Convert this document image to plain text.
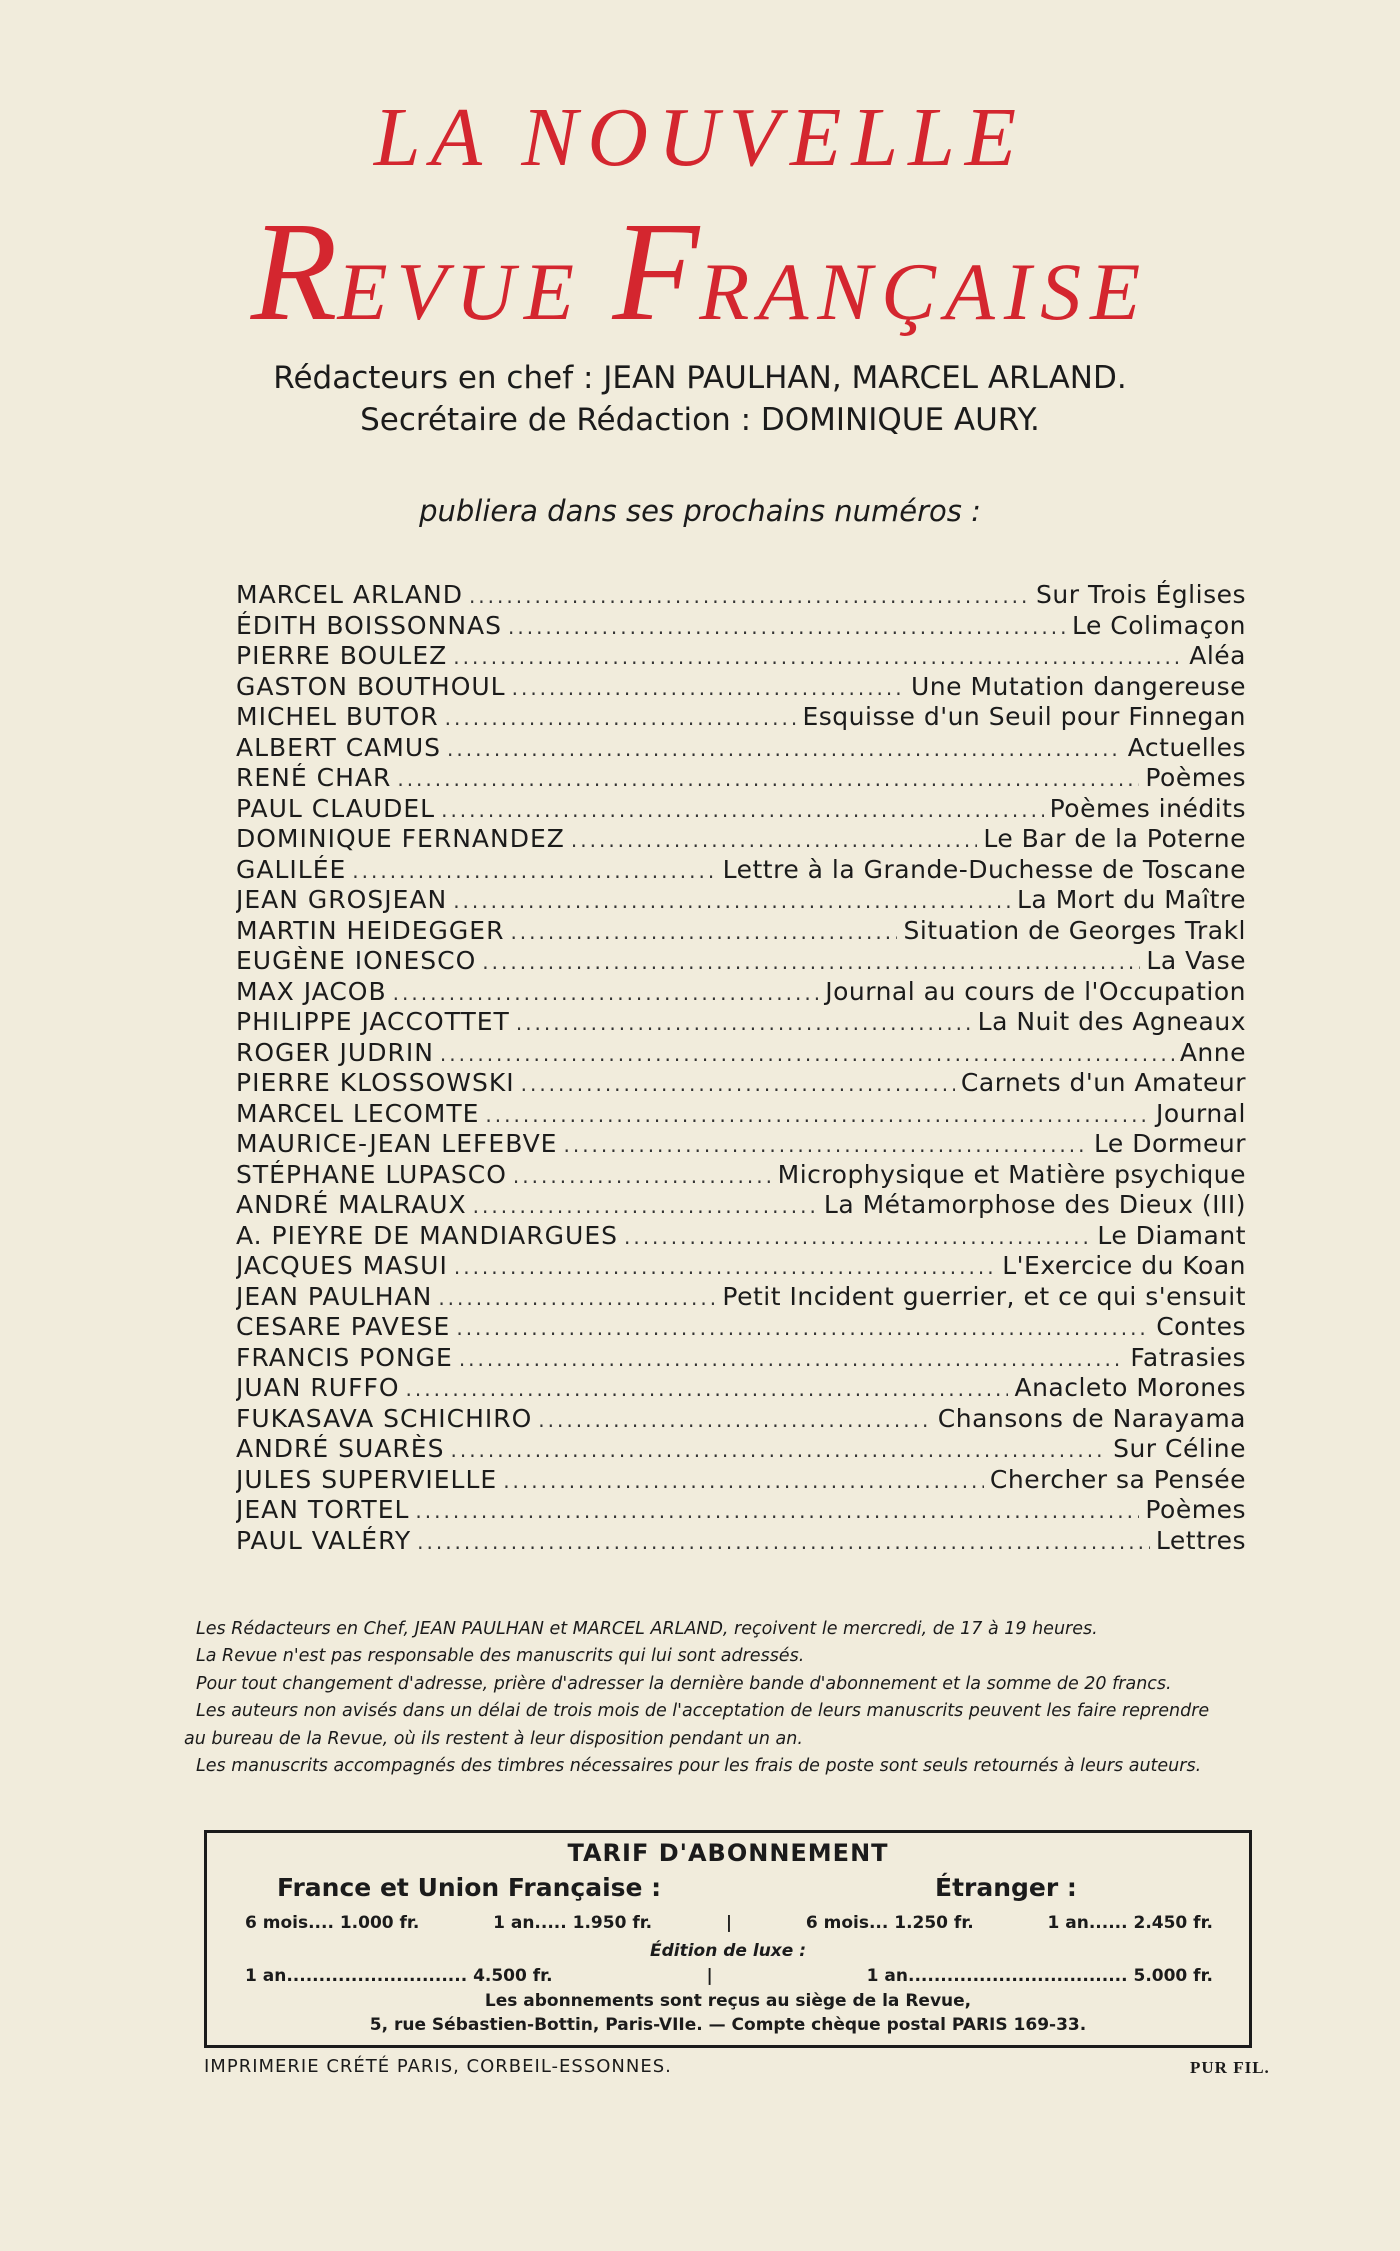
LA NOUVELLE
REVUE FRANÇAISE
Rédacteurs en chef : JEAN PAULHAN, MARCEL ARLAND.
Secrétaire de Rédaction : DOMINIQUE AURY.
publiera dans ses prochains numéros :
MARCEL ARLAND .....	Sur Trois Églises
ÉDITH BOISSONNAS .....	Le Colimaçon
PIERRE BOULEZ .....	Aléa
GASTON BOUTHOUL .....	Une Mutation dangereuse
MICHEL BUTOR .....	Esquisse d'un Seuil pour Finnegan
ALBERT CAMUS .....	Actuelles
RENÉ CHAR .....	Poèmes
PAUL CLAUDEL .....	Poèmes inédits
DOMINIQUE FERNANDEZ .....	Le Bar de la Poterne
GALILÉE .....	Lettre à la Grande-Duchesse de Toscane
JEAN GROSJEAN .....	La Mort du Maître
MARTIN HEIDEGGER .....	Situation de Georges Trakl
EUGÈNE IONESCO .....	La Vase
MAX JACOB .....	Journal au cours de l'Occupation
PHILIPPE JACCOTTET .....	La Nuit des Agneaux
ROGER JUDRIN .....	Anne
PIERRE KLOSSOWSKI .....	Carnets d'un Amateur
MARCEL LECOMTE .....	Journal
MAURICE-JEAN LEFEBVE .....	Le Dormeur
STÉPHANE LUPASCO .....	Microphysique et Matière psychique
ANDRÉ MALRAUX .....	La Métamorphose des Dieux (III)
A. PIEYRE DE MANDIARGUES .....	Le Diamant
JACQUES MASUI .....	L'Exercice du Koan
JEAN PAULHAN .....	Petit Incident guerrier, et ce qui s'ensuit
CESARE PAVESE .....	Contes
FRANCIS PONGE .....	Fatrasies
JUAN RUFFO .....	Anacleto Morones
FUKASAVA SCHICHIRO .....	Chansons de Narayama
ANDRÉ SUARÈS .....	Sur Céline
JULES SUPERVIELLE .....	Chercher sa Pensée
JEAN TORTEL .....	Poèmes
PAUL VALÉRY .....	Lettres
Les Rédacteurs en Chef, JEAN PAULHAN et MARCEL ARLAND, reçoivent le mercredi, de 17 à 19 heures.
La Revue n'est pas responsable des manuscrits qui lui sont adressés.
Pour tout changement d'adresse, prière d'adresser la dernière bande d'abonnement et la somme de 20 francs.
Les auteurs non avisés dans un délai de trois mois de l'acceptation de leurs manuscrits peuvent les faire reprendre
au bureau de la Revue, où ils restent à leur disposition pendant un an.
Les manuscrits accompagnés des timbres nécessaires pour les frais de poste sont seuls retournés à leurs auteurs.
TARIF D'ABONNEMENT
France et Union Française :	Étranger :
6 mois.... 1.000 fr.	1 an..... 1.950 fr.	|	6 mois... 1.250 fr.	1 an...... 2.450 fr.
Édition de luxe :
1 an............................ 4.500 fr.	|	1 an.................................. 5.000 fr.
Les abonnements sont reçus au siège de la Revue,
5, rue Sébastien-Bottin, Paris-VIIe. — Compte chèque postal PARIS 169-33.
IMPRIMERIE CRÉTÉ PARIS, CORBEIL-ESSONNES.	PUR FIL.
